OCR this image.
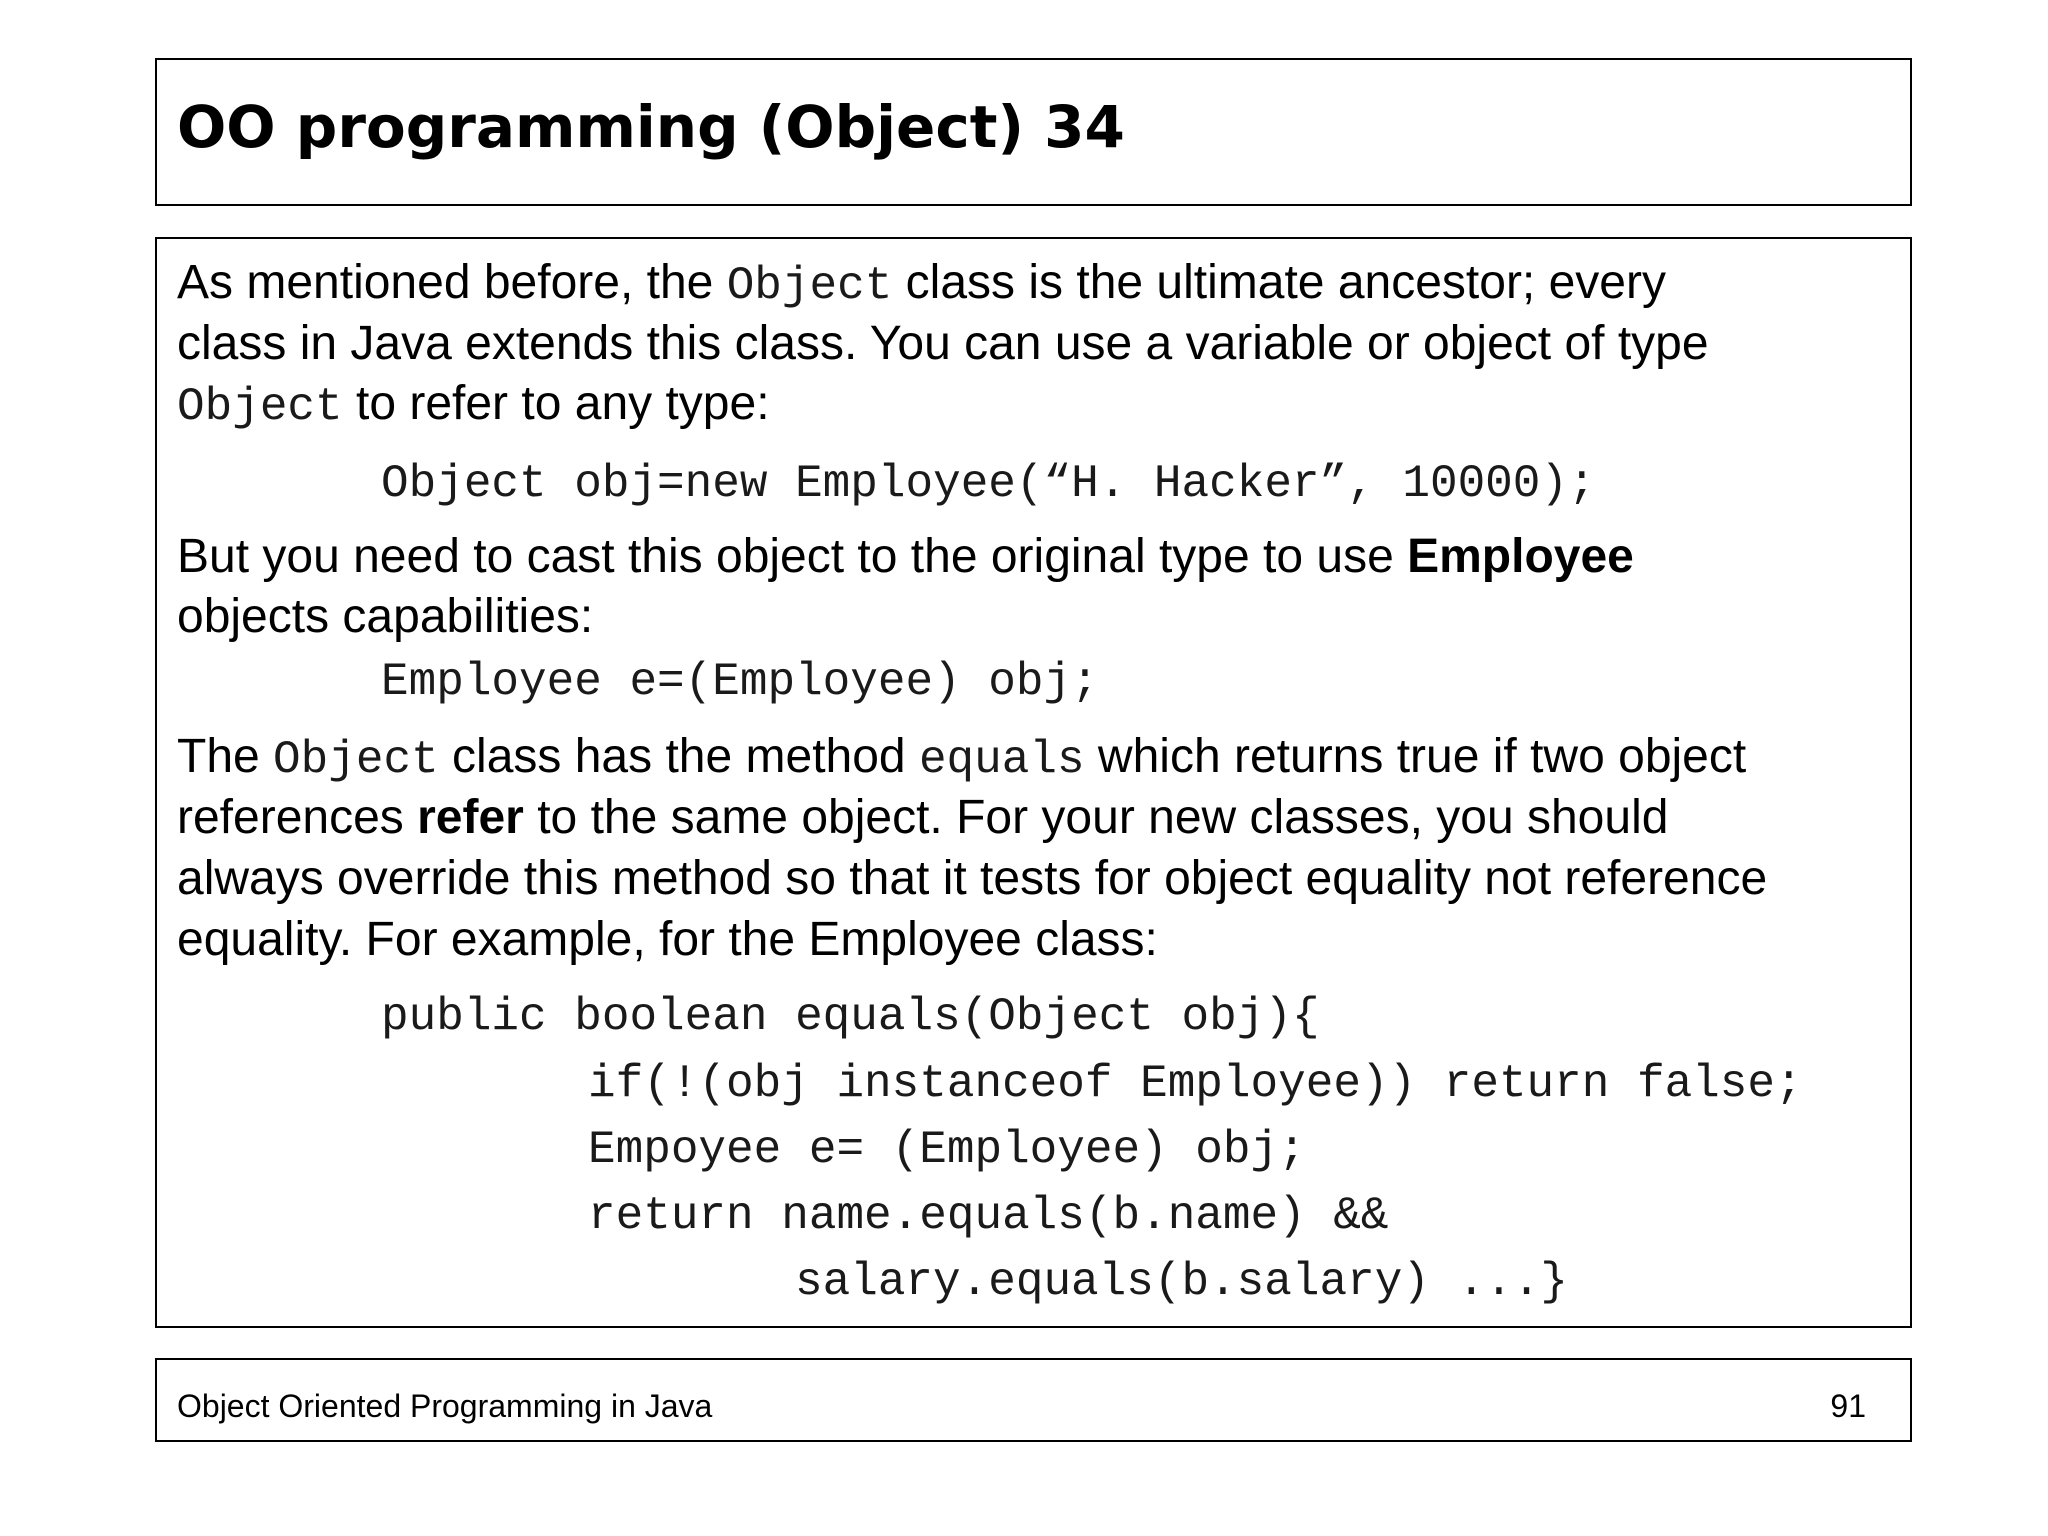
OO programming (Object) 34
As mentioned before, the Object class is the ultimate ancestor; every
class in Java extends this class. You can use a variable or object of type
Object to refer to any type:
Object obj=new Employee(“H. Hacker”, 10000);
But you need to cast this object to the original type to use Employee
objects capabilities:
Employee e=(Employee) obj;
The Object class has the method equals which returns true if two object
references refer to the same object. For your new classes, you should
always override this method so that it tests for object equality not reference
equality. For example, for the Employee class:
public boolean equals(Object obj){
if(!(obj instanceof Employee)) return false;
Empoyee e= (Employee) obj;
return name.equals(b.name) &&
salary.equals(b.salary) ...}
Object Oriented Programming in Java	91
